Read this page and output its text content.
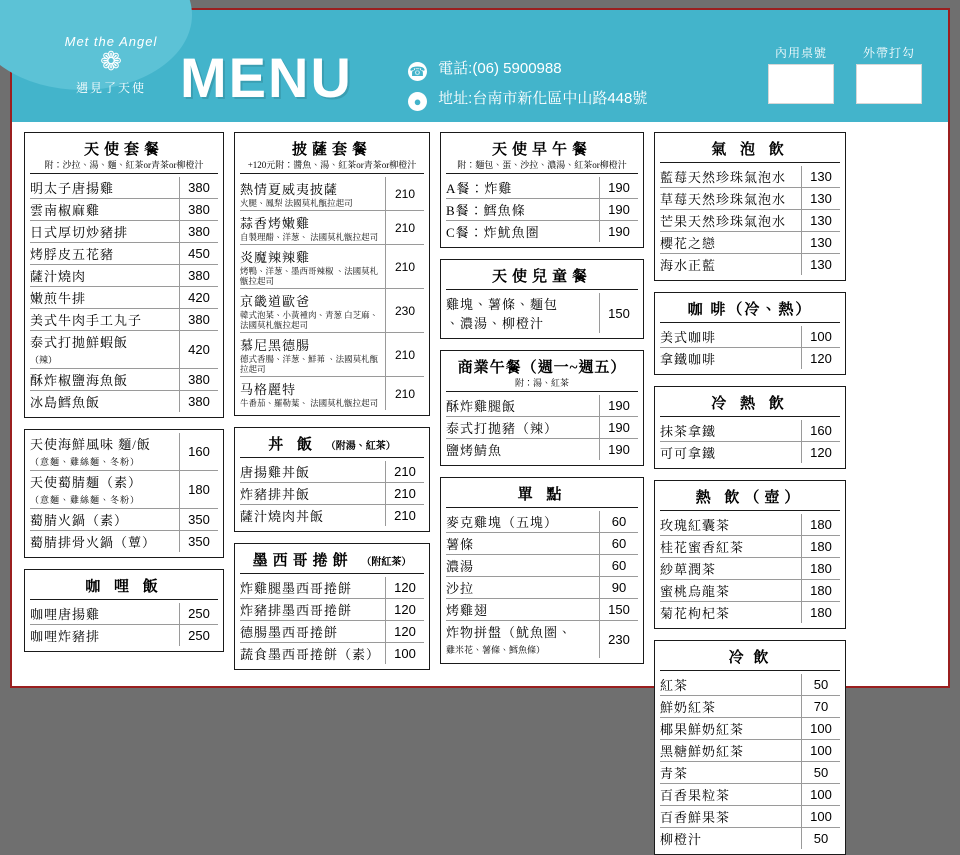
Met the Angel
❁
遇見了天使 MENU	☎ 電話:(06) 5900988
● 地址:台南市新化區中山路448號
內用桌號	外帶打勾
天使套餐
附：沙拉、湯、麵、紅茶or青茶or柳橙汁
明太子唐揚雞	380
雲南椒麻雞	380
日式厚切炒豬排	380
烤脬皮五花豬	450
薩汁燒肉	380
嫩煎牛排	420
美式牛肉手工丸子	380
泰式打拋鮮蝦飯
（辣）	420
酥炸椒鹽海魚飯	380
冰島鱈魚飯	380
天使海鮮風味 麵/飯
（意麵、雞絲麵、冬粉）	160
天使薥腈麵（素）
（意麵、雞絲麵、冬粉）	180
薥腈火鍋（素）	350
薥腈排骨火鍋（蕈）	350
咖 哩 飯
咖哩唐揚雞	250
咖哩炸豬排	250
披薩套餐
+120元附：醬魚、湯、紅茶or青茶or柳橙汁
熱情夏威夷披薩
火腿、鳳梨 法國莫札甑拉起司	210

蒜香烤嫩雞
自製理醋、洋葱、 法國莫札甑拉起司	210

炎魔辣辣雞
烤鴨、洋葱、墨西哥辣椒 、法國莫札甑拉起司	210

京畿道歐爸
韓式泡菜、小黃褈肉、青葱 白芝麻、法國莫札甑拉起司	230

慕尼黑德腸
德式香腸、洋葱、鮮茀 、法國莫札甑拉起司	210

马格麗特
牛番茄、羅勒葉、 法國莫札甑拉起司	210
丼 飯 （附湯、紅茶）
唐揚雞丼飯	210
炸豬排丼飯	210
薩汁燒肉丼飯	210
墨西哥捲餅 （附紅茶）
炸雞腿墨西哥捲餅	120
炸豬排墨西哥捲餅	120
德腸墨西哥捲餅	120
蔬食墨西哥捲餅（素）	100
天使早午餐
附：麵包、蛋、沙拉、濃湯、紅茶or柳橙汁
A餐：炸雞	190
B餐：鱈魚條	190
C餐：炸魷魚圏	190
天使兒童餐
雞塊、薯條、麵包
、濃湯、柳橙汁	150
商業午餐（週一~週五）
附：湯、紅茶
酥炸雞腿飯	190
泰式打拋豬（辣）	190
鹽烤鯖魚	190
單 點
麥克雞塊（五塊）	60
薯條	60
濃湯	60
沙拉	90
烤雞翅	150
炸物拼盤（魷魚圏、
雞米花、薯條、鱈魚條）	230
氣 泡 飲
藍莓天然珍珠氣泡水	130
草莓天然珍珠氣泡水	130
芒果天然珍珠氣泡水	130
櫻花之戀	130
海水正藍	130
咖 啡（冷、熱）
美式咖啡	100
拿鐵咖啡	120
冷 熱 飲
抹茶拿鐵	160
可可拿鐵	120
熱 飲（壺）
玫瑰紅囊茶	180
桂花蜜香紅茶	180
紗萆潤茶	180
蜜桃烏龍茶	180
菊花枸杞茶	180
冷 飲
紅茶	50
鮮奶紅茶	70
椰果鮮奶紅茶	100
黑糖鮮奶紅茶	100
青茶	50
百香果粒茶	100
百香鮮果茶	100
柳橙汁	50
